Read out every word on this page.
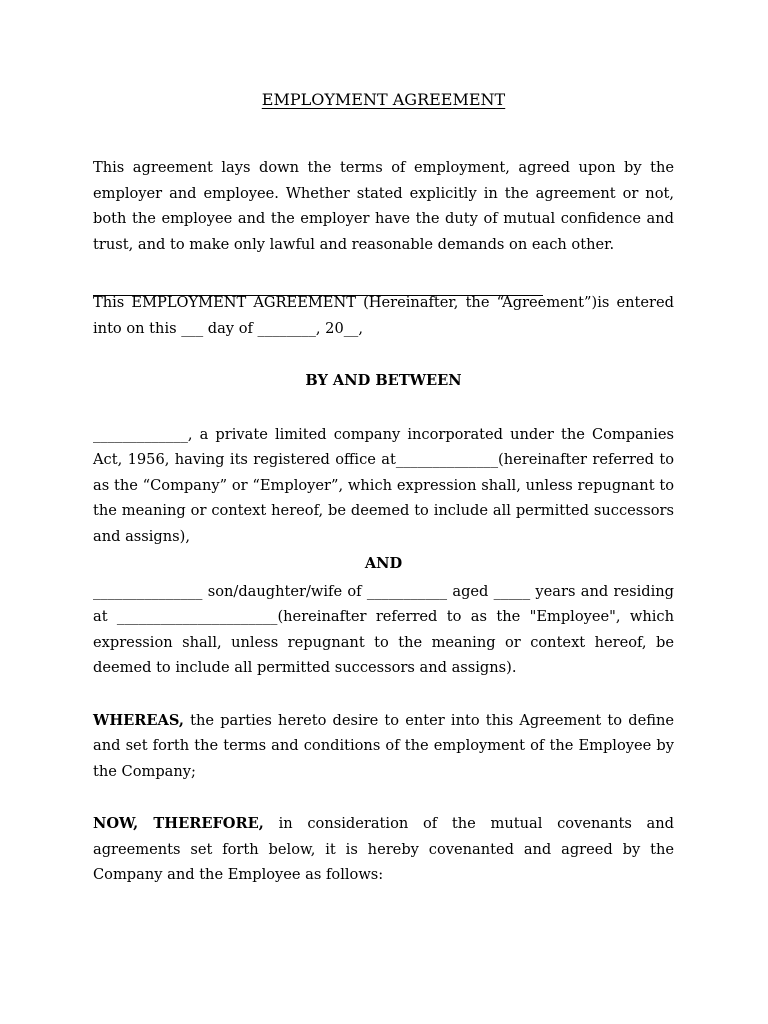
EMPLOYMENT AGREEMENT

This agreement lays down the terms of employment, agreed upon by the employer and employee. Whether stated explicitly in the agreement or not, both the employee and the employer have the duty of mutual confidence and trust, and to make only lawful and reasonable demands on each other.

This EMPLOYMENT AGREEMENT (Hereinafter, the “Agreement”)is entered into on this ___ day of ________, 20__,

BY AND BETWEEN

_____________, a private limited company incorporated under the Companies Act, 1956, having its registered office at______________(hereinafter referred to as the “Company” or “Employer”, which expression shall, unless repugnant to the meaning or context hereof, be deemed to include all permitted successors and assigns),

AND

_______________ son/daughter/wife of ___________ aged _____ years and residing at ______________________(hereinafter referred to as the "Employee", which expression shall, unless repugnant to the meaning or context hereof, be deemed to include all permitted successors and assigns).

WHEREAS, the parties hereto desire to enter into this Agreement to define and set forth the terms and conditions of the employment of the Employee by the Company;

NOW, THEREFORE, in consideration of the mutual covenants and agreements set forth below, it is hereby covenanted and agreed by the Company and the Employee as follows:
